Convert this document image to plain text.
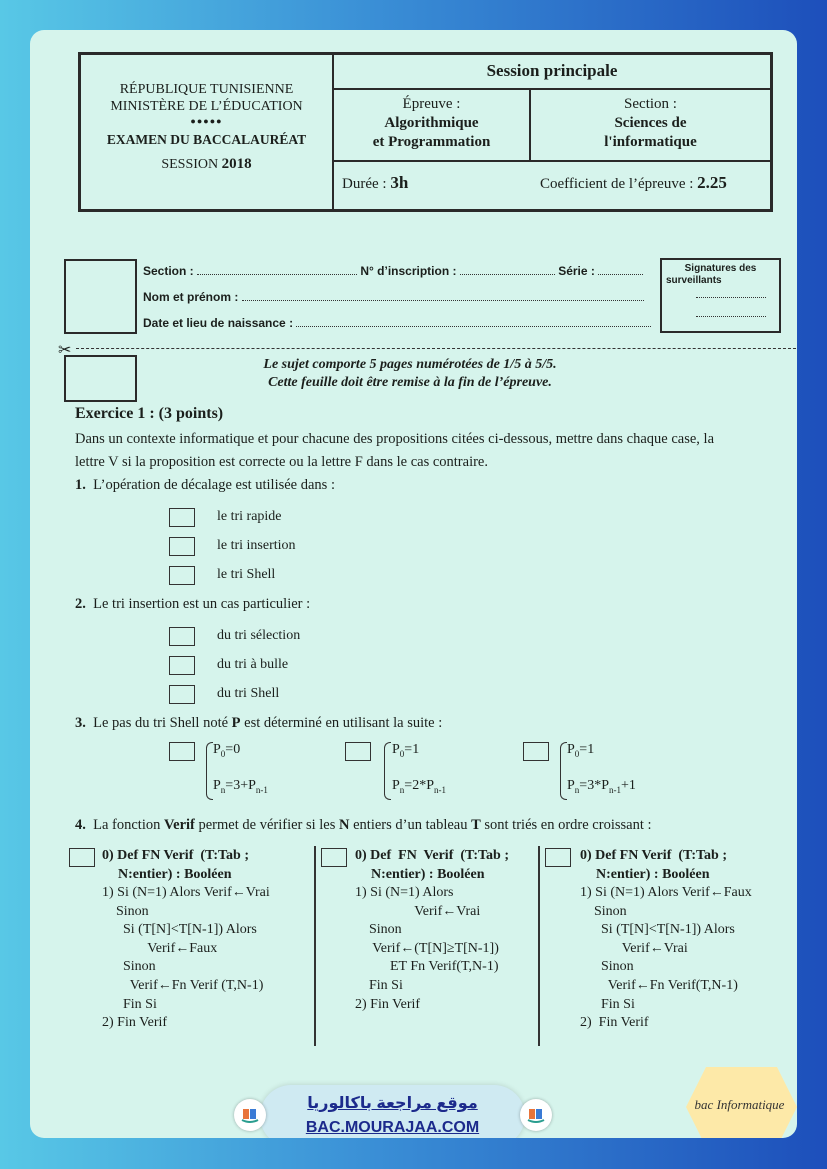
RÉPUBLIQUE TUNISIENNE
MINISTÈRE DE L’ÉDUCATION
●●●●●
EXAMEN DU BACCALAURÉAT
SESSION 2018
Session principale
Épreuve :
Algorithmique
et Programmation
Section :
Sciences de
l'informatique
Durée : 3h	Coefficient de l’épreuve : 2.25
Section :	N° d’inscription :	Série :
Nom et prénom :
Date et lieu de naissance :
Signatures des
surveillants
✂
Le sujet comporte 5 pages numérotées de 1/5 à 5/5.
Cette feuille doit être remise à la fin de l’épreuve.
Exercice 1 : (3 points)
Dans un contexte informatique et pour chacune des propositions citées ci-dessous, mettre dans chaque case, la
lettre V si la proposition est correcte ou la lettre F dans le cas contraire.
1. L’opération de décalage est utilisée dans :
le tri rapide
le tri insertion
le tri Shell
2. Le tri insertion est un cas particulier :
du tri sélection
du tri à bulle
du tri Shell
3. Le pas du tri Shell noté P est déterminé en utilisant la suite :
$P_0=0$
$P_n=3+P_{n-1}$
$P_0=1$
$P_n=2*P_{n-1}$
$P_0=1$
$P_n=3*P_{n-1}+1$
4. La fonction Verif permet de vérifier si les N entiers d’un tableau T sont triés en ordre croissant :
0) Def FN Verif  (T:Tab ;
N:entier) : Booléen
1) Si (N=1) Alors Verif←Vrai
Sinon
Si (T[N]<T[N-1]) Alors
Verif←Faux
Sinon
Verif←Fn Verif (T,N-1)
Fin Si
2) Fin Verif
0) Def  FN  Verif  (T:Tab ;
N:entier) : Booléen
1) Si (N=1) Alors
Verif←Vrai
Sinon
Verif←(T[N]≥T[N-1])
ET Fn Verif(T,N-1)
Fin Si
2) Fin Verif
0) Def FN Verif  (T:Tab ;
N:entier) : Booléen
1) Si (N=1) Alors Verif←Faux
Sinon
Si (T[N]<T[N-1]) Alors
Verif←Vrai
Sinon
Verif←Fn Verif(T,N-1)
Fin Si
2)  Fin Verif
موقع مراجعة باكالوريا
BAC.MOURAJAA.COM
bac Informatique
